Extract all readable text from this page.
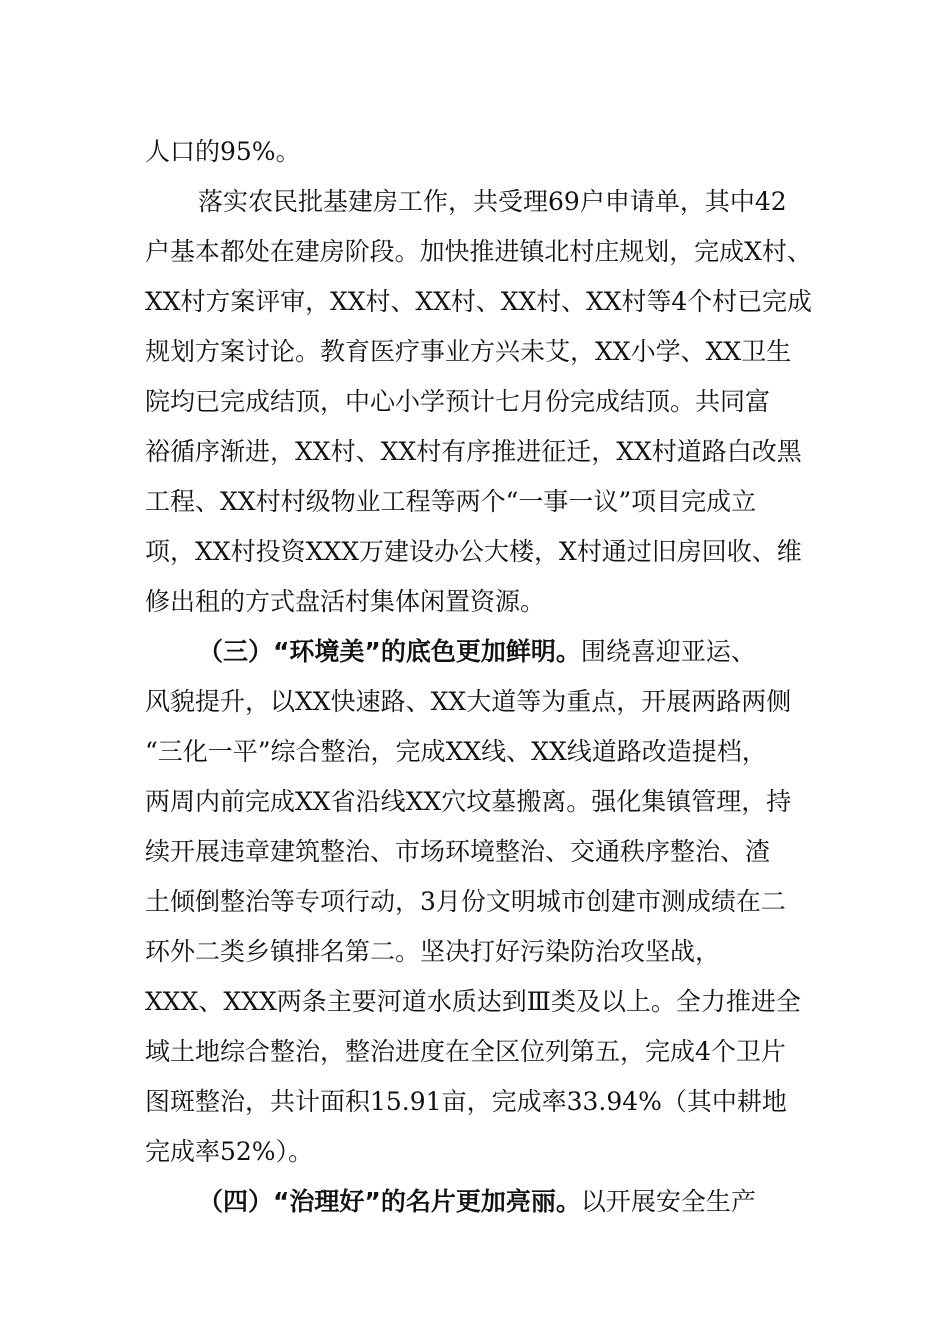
人口的95%。
落实农民批基建房工作，共受理69户申请单，其中42
户基本都处在建房阶段。加快推进镇北村庄规划，完成X村、
XX村方案评审，XX村、XX村、XX村、XX村等4个村已完成
规划方案讨论。教育医疗事业方兴未艾，XX小学、XX卫生
院均已完成结顶，中心小学预计七月份完成结顶。共同富
裕循序渐进，XX村、XX村有序推进征迁，XX村道路白改黑
工程、XX村村级物业工程等两个“一事一议”项目完成立
项，XX村投资XXX万建设办公大楼，X村通过旧房回收、维
修出租的方式盘活村集体闲置资源。
（三）“环境美”的底色更加鲜明。围绕喜迎亚运、
风貌提升，以XX快速路、XX大道等为重点，开展两路两侧
“三化一平”综合整治，完成XX线、XX线道路改造提档，
两周内前完成XX省沿线XX穴坟墓搬离。强化集镇管理，持
续开展违章建筑整治、市场环境整治、交通秩序整治、渣
土倾倒整治等专项行动，3月份文明城市创建市测成绩在二
环外二类乡镇排名第二。坚决打好污染防治攻坚战，
XXX、XXX两条主要河道水质达到Ⅲ类及以上。全力推进全
域土地综合整治，整治进度在全区位列第五，完成4个卫片
图斑整治，共计面积15.91亩，完成率33.94%（其中耕地
完成率52%）。
（四）“治理好”的名片更加亮丽。以开展安全生产
